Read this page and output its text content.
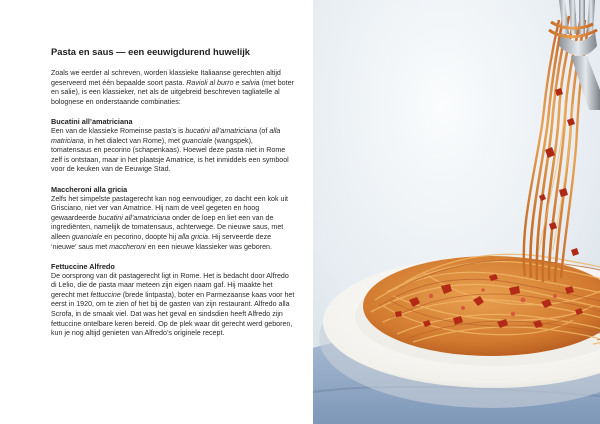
Pasta en saus — een eeuwigdurend huwelijk

Zoals we eerder al schreven, worden klassieke Italiaanse gerechten altijd geserveerd met één bepaalde soort pasta. Ravioli al burro e salvia (met boter en salie), is een klassieker, net als de uitgebreid beschreven tagliatelle al bolognese en onderstaande combinaties:

Bucatini all’amatriciana

Een van de klassieke Romeinse pasta’s is bucatini all’amatriciana (of alla matriciana, in het dialect van Rome), met guanciale (wangspek), tomatensaus en pecorino (schapenkaas). Hoewel deze pasta niet in Rome zelf is ontstaan, maar in het plaatsje Amatrice, is het inmiddels een symbool voor de keuken van de Eeuwige Stad.

Maccheroni alla gricia

Zelfs het simpelste pastagerecht kan nog eenvoudiger, zo dacht een kok uit Grisciano, niet ver van Amatrice. Hij nam de veel gegeten en hoog gewaardeerde bucatini all’amatriciana onder de loep en liet een van de ingrediënten, namelijk de tomatensaus, achterwege. De nieuwe saus, met alleen guanciale en pecorino, doopte hij alla gricia. Hij serveerde deze ‘nieuwe’ saus met maccheroni en een nieuwe klassieker was geboren.

Fettuccine Alfredo

De oorsprong van dit pastagerecht ligt in Rome. Het is bedacht door Alfredo di Lelio, die de pasta maar meteen zijn eigen naam gaf. Hij maakte het gerecht met fettuccine (brede lintpasta), boter en Parmezaanse kaas voor het eerst in 1920, om te zien of het bij de gasten van zijn restaurant. Alfredo alla Scrofa, in de smaak viel. Dat was het geval en sindsdien heeft Alfredo zijn fettuccine ontelbare keren bereid. Op de plek waar dit gerecht werd geboren, kun je nog altijd genieten van Alfredo’s originele recept.
